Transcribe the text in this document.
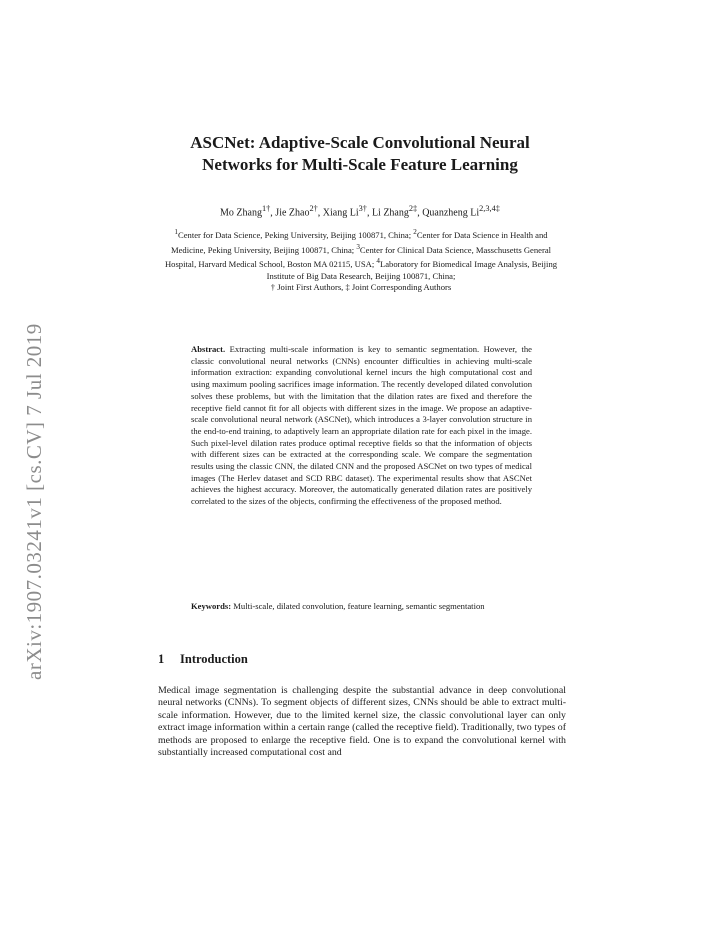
arXiv:1907.03241v1 [cs.CV] 7 Jul 2019
ASCNet: Adaptive-Scale Convolutional Neural
Networks for Multi-Scale Feature Learning
Mo Zhang$^{1\dagger}$, Jie Zhao$^{2\dagger}$, Xiang $Li^{3\dagger}$, Li Zhang$^{2\ddagger}$, Quanzheng $Li^{2,3,4\ddagger}$
$^1$Center for Data Science, Peking University, Beijing 100871, China; $^2$Center for Data Science in Health and Medicine, Peking University, Beijing 100871, China; $^3$Center for Clinical Data Science, Masschusetts General Hospital, Harvard Medical School, Boston MA 02115, USA; $^4$Laboratory for Biomedical Image Analysis, Beijing Institute of Big Data Research, Beijing 100871, China;
† Joint First Authors, ‡ Joint Corresponding Authors
Abstract. Extracting multi-scale information is key to semantic segmentation. However, the classic convolutional neural networks (CNNs) encounter difficulties in achieving multi-scale information extraction: expanding convolutional kernel incurs the high computational cost and using maximum pooling sacrifices image information. The recently developed dilated convolution solves these problems, but with the limitation that the dilation rates are fixed and therefore the receptive field cannot fit for all objects with different sizes in the image. We propose an adaptive-scale convolutional neural network (ASCNet), which introduces a 3-layer convolution structure in the end-to-end training, to adaptively learn an appropriate dilation rate for each pixel in the image. Such pixel-level dilation rates produce optimal receptive fields so that the information of objects with different sizes can be extracted at the corresponding scale. We compare the segmentation results using the classic CNN, the dilated CNN and the proposed ASCNet on two types of medical images (The Herlev dataset and SCD RBC dataset). The experimental results show that ASCNet achieves the highest accuracy. Moreover, the automatically generated dilation rates are positively correlated to the sizes of the objects, confirming the effectiveness of the proposed method.
Keywords: Multi-scale, dilated convolution, feature learning, semantic segmentation
1 Introduction
Medical image segmentation is challenging despite the substantial advance in deep convolutional neural networks (CNNs). To segment objects of different sizes, CNNs should be able to extract multi-scale information. However, due to the limited kernel size, the classic convolutional layer can only extract image information within a certain range (called the receptive field). Traditionally, two types of methods are proposed to enlarge the receptive field. One is to expand the convolutional kernel with substantially increased computational cost and
